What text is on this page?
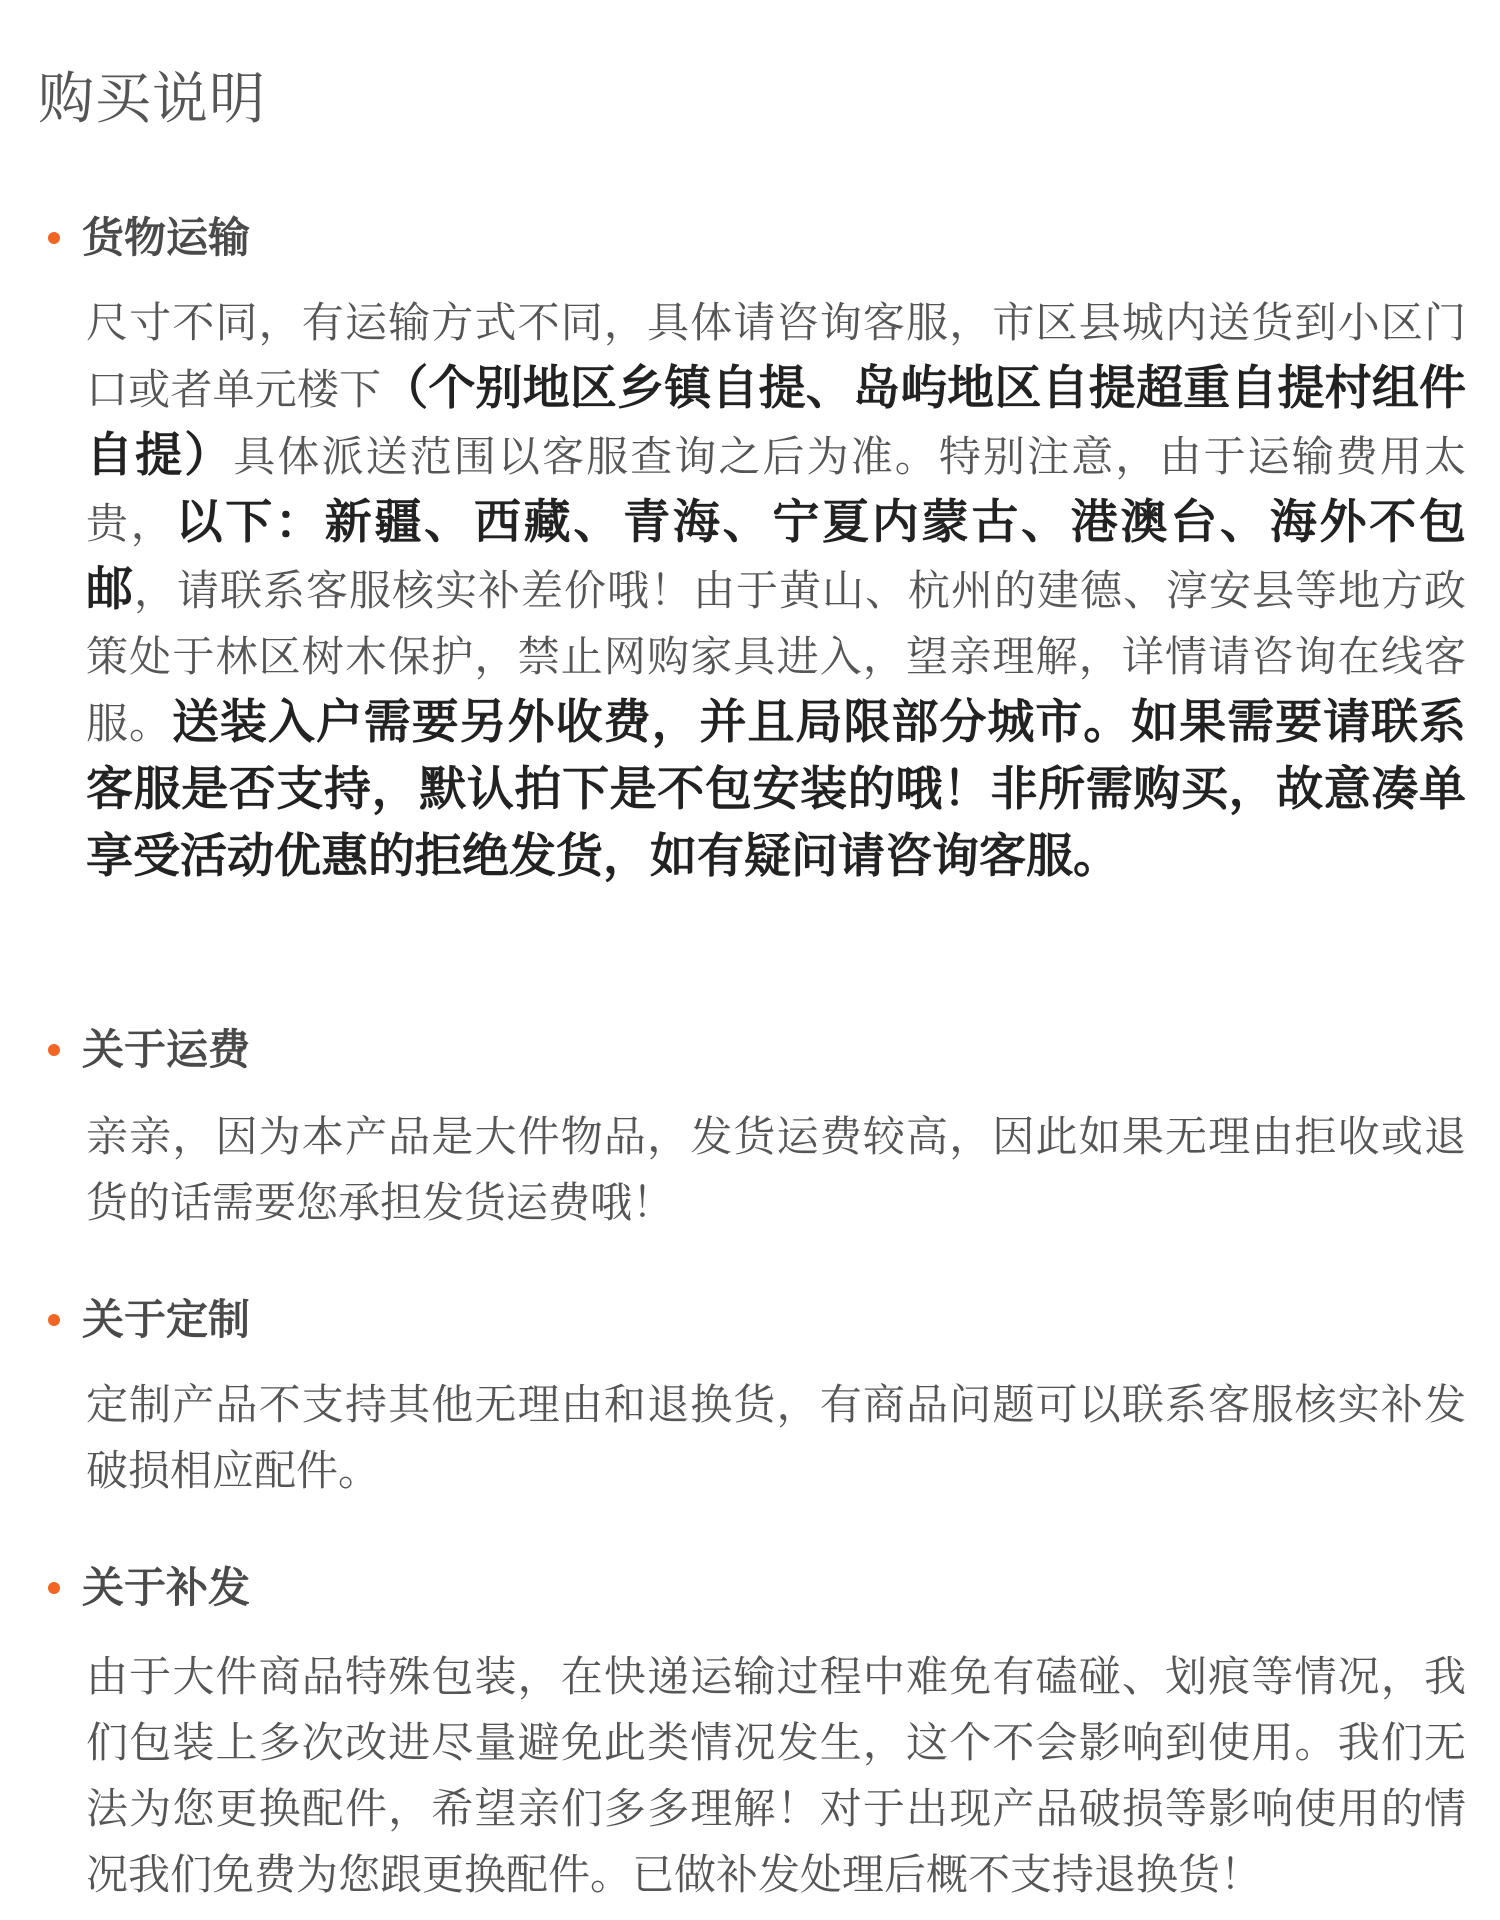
购买说明
货物运输

尺寸不同，有运输方式不同，具体请咨询客服，市区县城内送货到小区门口或者单元楼下（个别地区乡镇自提、岛屿地区自提超重自提村组件自提）具体派送范围以客服查询之后为准。特别注意，由于运输费用太贵，以下：新疆、西藏、青海、宁夏内蒙古、港澳台、海外不包邮，请联系客服核实补差价哦！由于黄山、杭州的建德、淳安县等地方政策处于林区树木保护，禁止网购家具进入，望亲理解，详情请咨询在线客服。送装入户需要另外收费，并且局限部分城市。如果需要请联系客服是否支持，默认拍下是不包安装的哦！非所需购买，故意凑单享受活动优惠的拒绝发货，如有疑问请咨询客服。

关于运费

亲亲，因为本产品是大件物品，发货运费较高，因此如果无理由拒收或退货的话需要您承担发货运费哦！

关于定制

定制产品不支持其他无理由和退换货，有商品问题可以联系客服核实补发破损相应配件。

关于补发

由于大件商品特殊包装，在快递运输过程中难免有磕碰、划痕等情况，我们包装上多次改进尽量避免此类情况发生，这个不会影响到使用。我们无法为您更换配件，希望亲们多多理解！对于出现产品破损等影响使用的情况我们免费为您跟更换配件。已做补发处理后概不支持退换货！
